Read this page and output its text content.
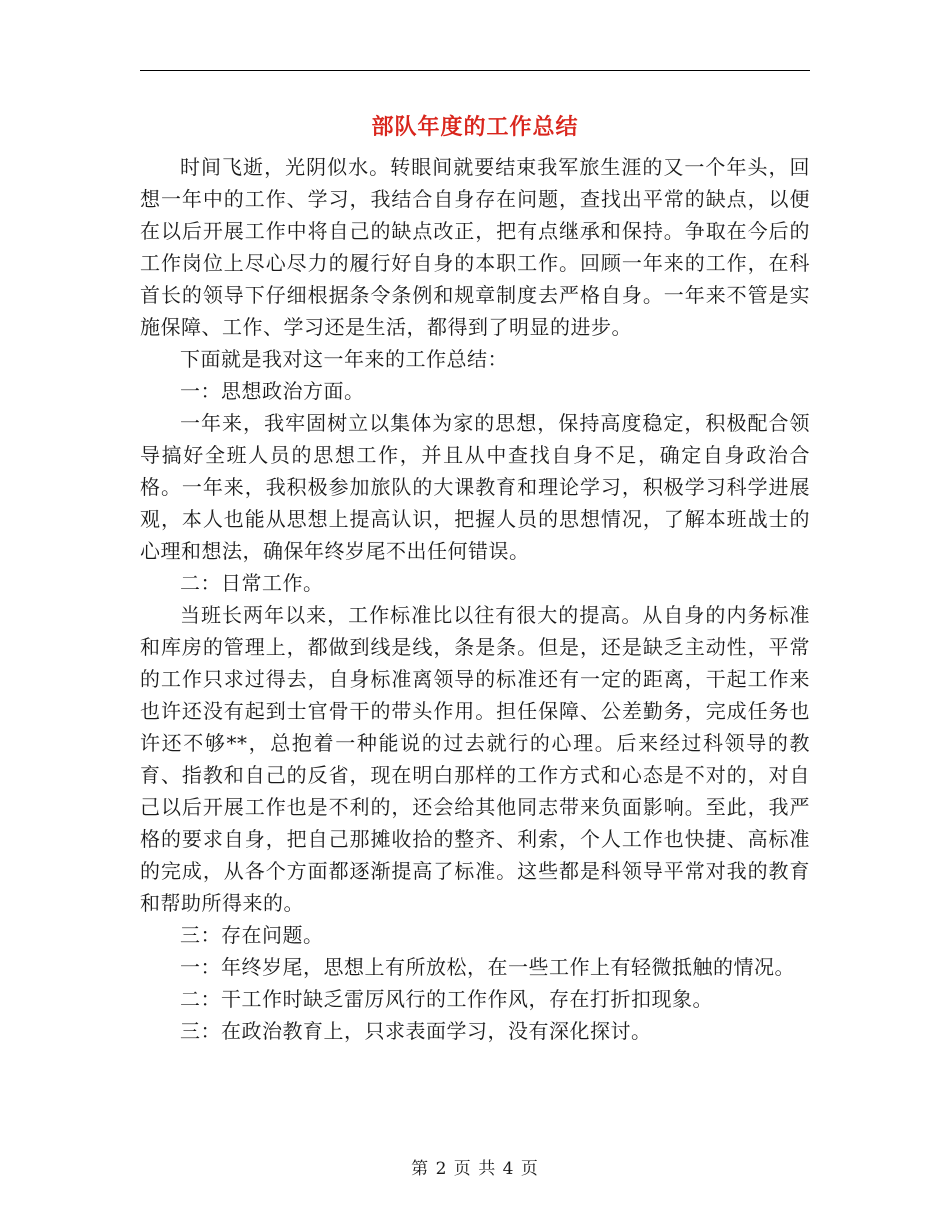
部队年度的工作总结

时间飞逝，光阴似水。转眼间就要结束我军旅生涯的又一个年头，回想一年中的工作、学习，我结合自身存在问题，查找出平常的缺点，以便在以后开展工作中将自己的缺点改正，把有点继承和保持。争取在今后的工作岗位上尽心尽力的履行好自身的本职工作。回顾一年来的工作，在科首长的领导下仔细根据条令条例和规章制度去严格自身。一年来不管是实施保障、工作、学习还是生活，都得到了明显的进步。

下面就是我对这一年来的工作总结：

一：思想政治方面。

一年来，我牢固树立以集体为家的思想，保持高度稳定，积极配合领导搞好全班人员的思想工作，并且从中查找自身不足，确定自身政治合格。一年来，我积极参加旅队的大课教育和理论学习，积极学习科学进展观，本人也能从思想上提高认识，把握人员的思想情况，了解本班战士的心理和想法，确保年终岁尾不出任何错误。

二：日常工作。

当班长两年以来，工作标准比以往有很大的提高。从自身的内务标准和库房的管理上，都做到线是线，条是条。但是，还是缺乏主动性，平常的工作只求过得去，自身标准离领导的标准还有一定的距离，干起工作来也许还没有起到士官骨干的带头作用。担任保障、公差勤务，完成任务也许还不够**，总抱着一种能说的过去就行的心理。后来经过科领导的教育、指教和自己的反省，现在明白那样的工作方式和心态是不对的，对自己以后开展工作也是不利的，还会给其他同志带来负面影响。至此，我严格的要求自身，把自己那摊收拾的整齐、利索，个人工作也快捷、高标准的完成，从各个方面都逐渐提高了标准。这些都是科领导平常对我的教育和帮助所得来的。

三：存在问题。

一：年终岁尾，思想上有所放松，在一些工作上有轻微抵触的情况。

二：干工作时缺乏雷厉风行的工作作风，存在打折扣现象。

三：在政治教育上，只求表面学习，没有深化探讨。

第 2 页 共 4 页
